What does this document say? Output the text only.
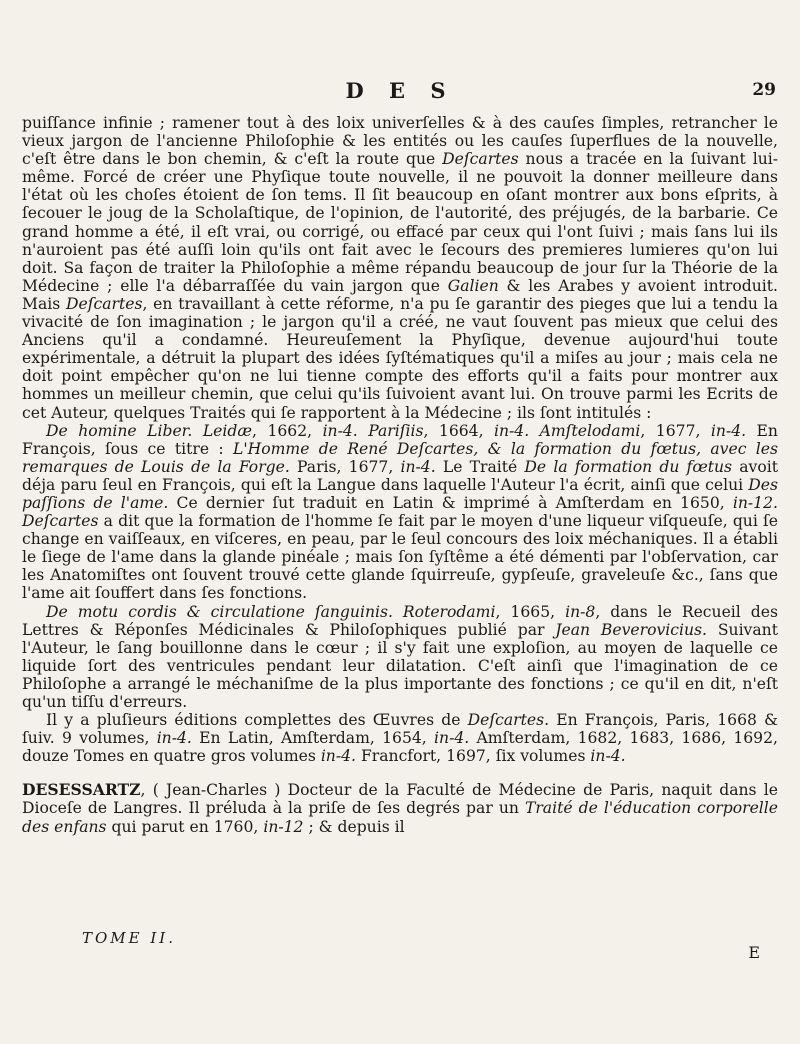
D E S	29

puiſſance infinie ; ramener tout à des loix univerſelles & à des cauſes ſimples, retrancher le vieux jargon de l'ancienne Philoſophie & les entités ou les cauſes ſuperflues de la nouvelle, c'eſt être dans le bon chemin, & c'eſt la route que Deſcartes nous a tracée en la ſuivant lui-même. Forcé de créer une Phyſique toute nouvelle, il ne pouvoit la donner meilleure dans l'état où les choſes étoient de ſon tems. Il ſit beaucoup en oſant montrer aux bons eſprits, à ſecouer le joug de la Scholaſtique, de l'opinion, de l'autorité, des préjugés, de la barbarie. Ce grand homme a été, il eſt vrai, ou corrigé, ou effacé par ceux qui l'ont ſuivi ; mais ſans lui ils n'auroient pas été auſſi loin qu'ils ont fait avec le ſecours des premieres lumieres qu'on lui doit. Sa façon de traiter la Philoſophie a même répandu beaucoup de jour ſur la Théorie de la Médecine ; elle l'a débarraſſée du vain jargon que Galien & les Arabes y avoient introduit. Mais Deſcartes, en travaillant à cette réforme, n'a pu ſe garantir des pieges que lui a tendu la vivacité de ſon imagination ; le jargon qu'il a créé, ne vaut ſouvent pas mieux que celui des Anciens qu'il a condamné. Heureuſement la Phyſique, devenue aujourd'hui toute expérimentale, a détruit la plupart des idées ſyſtématiques qu'il a miſes au jour ; mais cela ne doit point empêcher qu'on ne lui tienne compte des efforts qu'il a faits pour montrer aux hommes un meilleur chemin, que celui qu'ils ſuivoient avant lui. On trouve parmi les Ecrits de cet Auteur, quelques Traités qui ſe rapportent à la Médecine ; ils ſont intitulés :

De homine Liber. Leidæ, 1662, in-4. Pariſiis, 1664, in-4. Amſtelodami, 1677, in-4. En François, ſous ce titre : L'Homme de René Deſcartes, & la formation du fœtus, avec les remarques de Louis de la Forge. Paris, 1677, in-4. Le Traité De la formation du fœtus avoit déja paru ſeul en François, qui eſt la Langue dans laquelle l'Auteur l'a écrit, ainſi que celui Des paſſions de l'ame. Ce dernier ſut traduit en Latin & imprimé à Amſterdam en 1650, in-12. Deſcartes a dit que la formation de l'homme ſe fait par le moyen d'une liqueur viſqueuſe, qui ſe change en vaiſſeaux, en viſceres, en peau, par le ſeul concours des loix méchaniques. Il a établi le ſiege de l'ame dans la glande pinéale ; mais ſon ſyſtême a été démenti par l'obſervation, car les Anatomiſtes ont ſouvent trouvé cette glande ſquirreuſe, gypſeuſe, graveleuſe &c., ſans que l'ame ait ſouffert dans ſes fonctions.

De motu cordis & circulatione ſanguinis. Roterodami, 1665, in-8, dans le Recueil des Lettres & Réponſes Médicinales & Philoſophiques publié par Jean Beverovicius. Suivant l'Auteur, le ſang bouillonne dans le cœur ; il s'y fait une exploſion, au moyen de laquelle ce liquide ſort des ventricules pendant leur dilatation. C'eſt ainſi que l'imagination de ce Philoſophe a arrangé le méchaniſme de la plus importante des fonctions ; ce qu'il en dit, n'eſt qu'un tiſſu d'erreurs.

Il y a pluſieurs éditions complettes des Œuvres de Deſcartes. En François, Paris, 1668 & ſuiv. 9 volumes, in-4. En Latin, Amſterdam, 1654, in-4. Amſterdam, 1682, 1683, 1686, 1692, douze Tomes en quatre gros volumes in-4. Francfort, 1697, ſix volumes in-4.

DESESSARTZ, ( Jean-Charles ) Docteur de la Faculté de Médecine de Paris, naquit dans le Dioceſe de Langres. Il préluda à la priſe de ſes degrés par un Traité de l'éducation corporelle des enfans qui parut en 1760, in-12 ; & depuis il

TOME II.
E
